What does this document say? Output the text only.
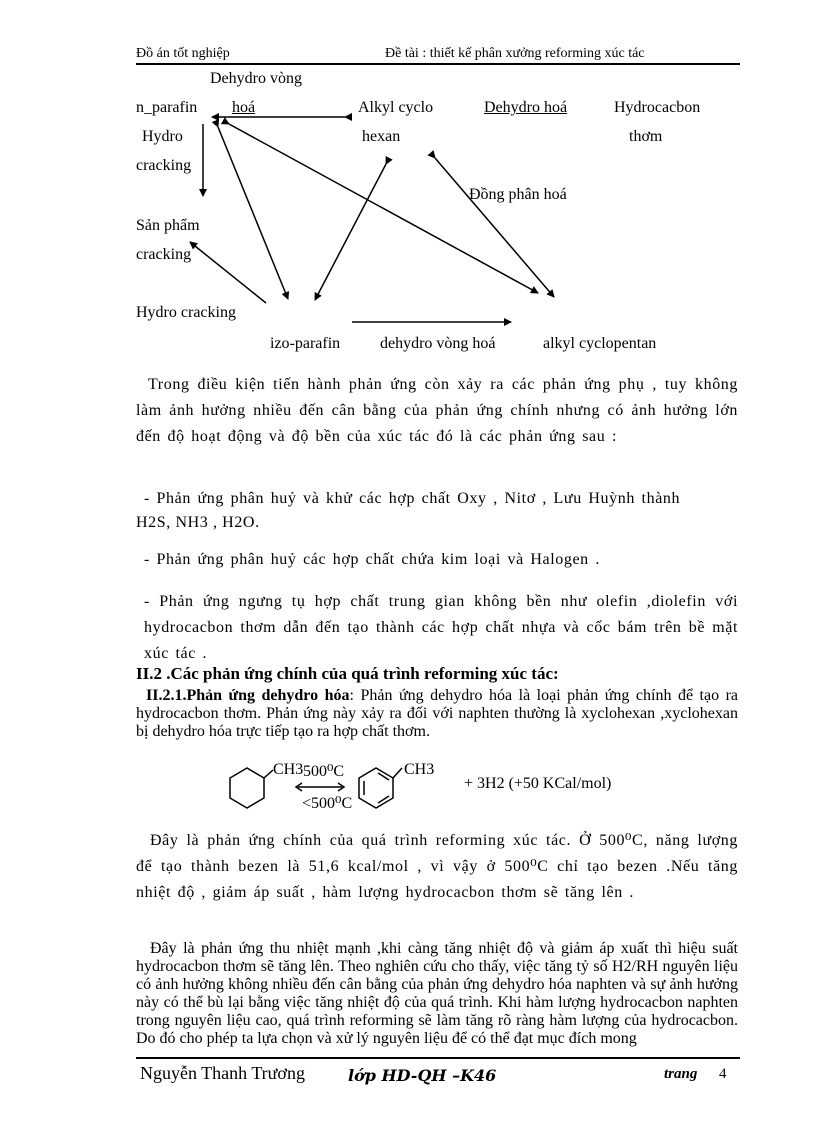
Đồ án tốt nghiệp	Đề tài : thiết kế phân xưởng reforming xúc tác
Dehydro vòng
n_parafin hoá	Alkyl cyclo	Dehydro hoá	Hydrocacbon
Hydro	hexan	thơm
cracking
Đồng phân hoá
Sản phẩm
cracking
Hydro cracking
izo-parafin dehydro vòng hoá	alkyl cyclopentan
Trong điều kiện tiến hành phản ứng còn xảy ra các phản ứng phụ , tuy không làm ảnh hưởng nhiều đến cân bằng của phản ứng chính nhưng có ảnh hưởng lớn đến độ hoạt động và độ bền của xúc tác đó là các phản ứng sau :
- Phản ứng phân huỷ và khử các hợp chất Oxy , Nitơ , Lưu Huỳnh thành
H2S, NH3 , H2O.
- Phản ứng phân huỷ các hợp chất chứa kim loại và Halogen .
- Phản ứng ngưng tụ hợp chất trung gian không bền như olefin ,diolefin với hydrocacbon thơm dẫn đến tạo thành các hợp chất nhựa và cốc bám trên bề mặt xúc tác .
II.2 .Các phản ứng chính của quá trình reforming xúc tác:
II.2.1.Phản ứng dehydro hóa: Phản ứng dehydro hóa là loại phản ứng chính để tạo ra hydrocacbon thơm. Phản ứng này xảy ra đối với naphten thường là xyclohexan ,xyclohexan bị dehydro hóa trực tiếp tạo ra hợp chất thơm.
CH3 500⁰C
<500⁰C
CH3
+ 3H2 (+50 KCal/mol)
Đây là phản ứng chính của quá trình reforming xúc tác. Ở 500⁰C, năng lượng để tạo thành bezen là 51,6 kcal/mol , vì vậy ở 500⁰C chỉ tạo bezen .Nếu tăng nhiệt độ , giảm áp suất , hàm lượng hydrocacbon thơm sẽ tăng lên .
Đây là phản ứng thu nhiệt mạnh ,khi càng tăng nhiệt độ và giảm áp xuất thì hiệu suất hydrocacbon thơm sẽ tăng lên. Theo nghiên cứu cho thấy, việc tăng tỷ số H2/RH nguyên liệu có ảnh hưởng không nhiều đến cân bằng của phản ứng dehydro hóa naphten và sự ảnh hưởng này có thể bù lại bằng việc tăng nhiệt độ của quá trình. Khi hàm lượng hydrocacbon naphten trong nguyên liệu cao, quá trình reforming sẽ làm tăng rõ ràng hàm lượng của hydrocacbon. Do đó cho phép ta lựa chọn và xử lý nguyên liệu để có thể đạt mục đích mong
Nguyễn Thanh Trương	lớp HD-QH –K46	trang 4
